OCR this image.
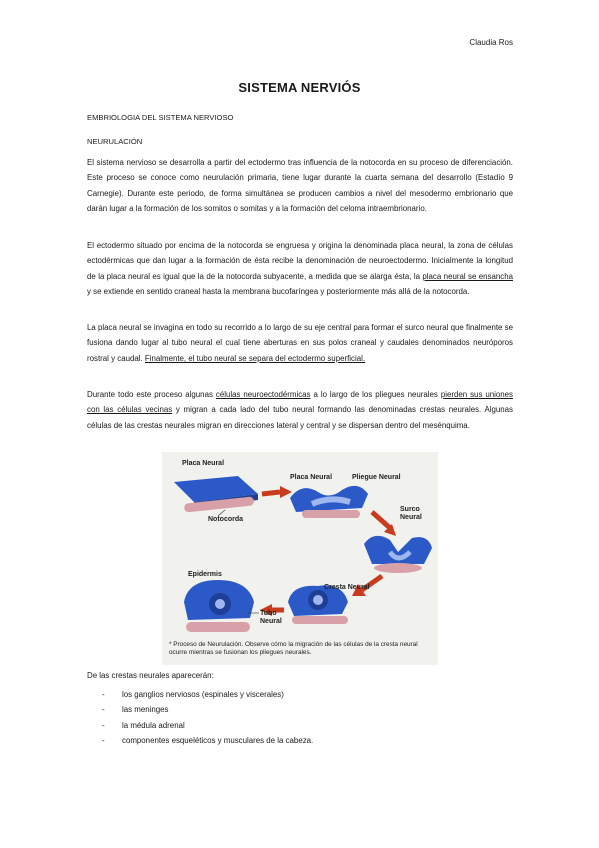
Claudia Ros
SISTEMA NERVIÓS
EMBRIOLOGIA DEL SISTEMA NERVIOSO
NEURULACIÓN
El sistema nervioso se desarrolla a partir del ectodermo tras influencia de la notocorda en su proceso de diferenciación. Este proceso se conoce como neurulación primaria, tiene lugar durante la cuarta semana del desarrollo (Estadío 9 Carnegie). Durante este periodo, de forma simultánea se producen cambios a nivel del mesodermo embrionario que darán lugar a la formación de los somitos o somitas y a la formación del celoma intraembrionario.
El ectodermo situado por encima de la notocorda se engruesa y origina la denominada placa neural, la zona de células ectodérmicas que dan lugar a la formación de ésta recibe la denominación de neuroectodermo. Inicialmente la longitud de la placa neural es igual que la de la notocorda subyacente, a medida que se alarga ésta, la placa neural se ensancha y se extiende en sentido craneal hasta la membrana bucofaríngea y posteriormente más allá de la notocorda.
La placa neural se invagina en todo su recorrido a lo largo de su eje central para formar el surco neural que finalmente se fusiona dando lugar al tubo neural el cual tiene aberturas en sus polos craneal y caudales denominados neuróporos rostral y caudal. Finalmente, el tubo neural se separa del ectodermo superficial.
Durante todo este proceso algunas células neuroectodérmicas a lo largo de los pliegues neurales pierden sus uniones con las células vecinas y migran a cada lado del tubo neural formando las denominadas crestas neurales. Algunas células de las crestas neurales migran en direcciones lateral y central y se dispersan dentro del mesénquima.
Placa Neural
Notocorda
Placa Neural	Pliegue Neural
Surco Neural
Epidermis
Cresta Neural
Tubo Neural
* Proceso de Neurulación. Observe cómo la migración de las células de la cresta neural ocurre mientras se fusionan los pliegues neurales.
De las crestas neurales aparecerán:
- los ganglios nerviosos (espinales y viscerales)
- las meninges
- la médula adrenal
- componentes esqueléticos y musculares de la cabeza.
